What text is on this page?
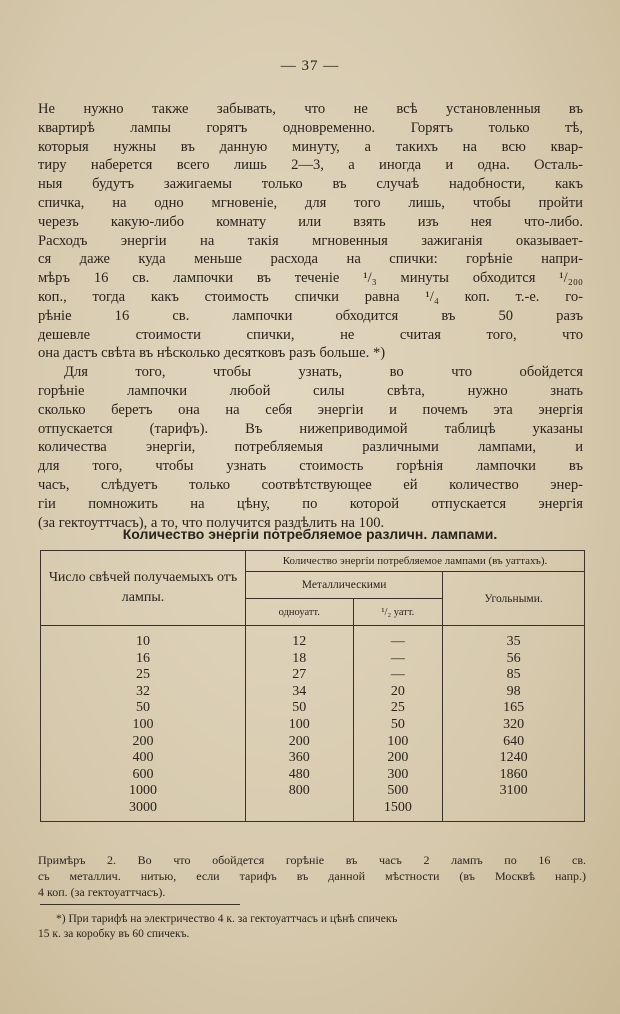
— 37 —

Не нужно также забывать, что не всѣ установленныя въ
квартирѣ лампы горятъ одновременно. Горятъ только тѣ,
которыя нужны въ данную минуту, а такихъ на всю квар-
тиру наберется всего лишь 2—3, а иногда и одна. Осталь-
ныя будутъ зажигаемы только въ случаѣ надобности, какъ
спичка, на одно мгновеніе, для того лишь, чтобы пройти
черезъ какую-либо комнату или взять изъ нея что-либо.
Расходъ энергіи на такія мгновенныя зажиганія оказывает-
ся даже куда меньше расхода на спички: горѣніе напри-
мѣръ 16 св. лампочки въ теченіе ¹/₃ минуты обходится ¹/₂₀₀
коп., тогда какъ стоимость спички равна ¹/₄ коп. т.-е. го-
рѣніе 16 св. лампочки обходится въ 50 разъ
дешевле стоимости спички, не считая того, что
она дастъ свѣта въ нѣсколько десятковъ разъ больше. *)

Для того, чтобы узнать, во что обойдется
горѣніе лампочки любой силы свѣта, нужно знать
сколько беретъ она на себя энергіи и почемъ эта энергія
отпускается (тарифъ). Въ нижеприводимой таблицѣ указаны
количества энергіи, потребляемыя различными лампами, и
для того, чтобы узнать стоимость горѣнія лампочки въ
часъ, слѣдуетъ только соотвѣтствующее ей количество энер-
гіи помножить на цѣну, по которой отпускается энергія
(за гектоуттчасъ), а то, что получится раздѣлить на 100.

Количество энергіи потребляемое различн. лампами.
Число свѣчей получаемыхъ отъ лампы.	Количество энергіи потребляемое лампами (въ уаттахъ).		
	Металлическими		Угольными.
	одноуатт.	¹/₂ уатт.	
10	12	—	35
16	18	—	56
25	27	—	85
32	34	20	98
50	50	25	165
100	100	50	320
200	200	100	640
400	360	200	1240
600	480	300	1860
1000	800	500	3100
3000		1500	
Примѣръ 2. Во что обойдется горѣніе въ часъ 2 лампъ по 16 св.
съ металлич. нитью, если тарифъ въ данной мѣстности (въ Москвѣ напр.)
4 коп. (за гектоуаттчасъ).
*) При тарифѣ на электричество 4 к. за гектоуаттчасъ и цѣнѣ спичекъ
15 к. за коробку въ 60 спичекъ.
